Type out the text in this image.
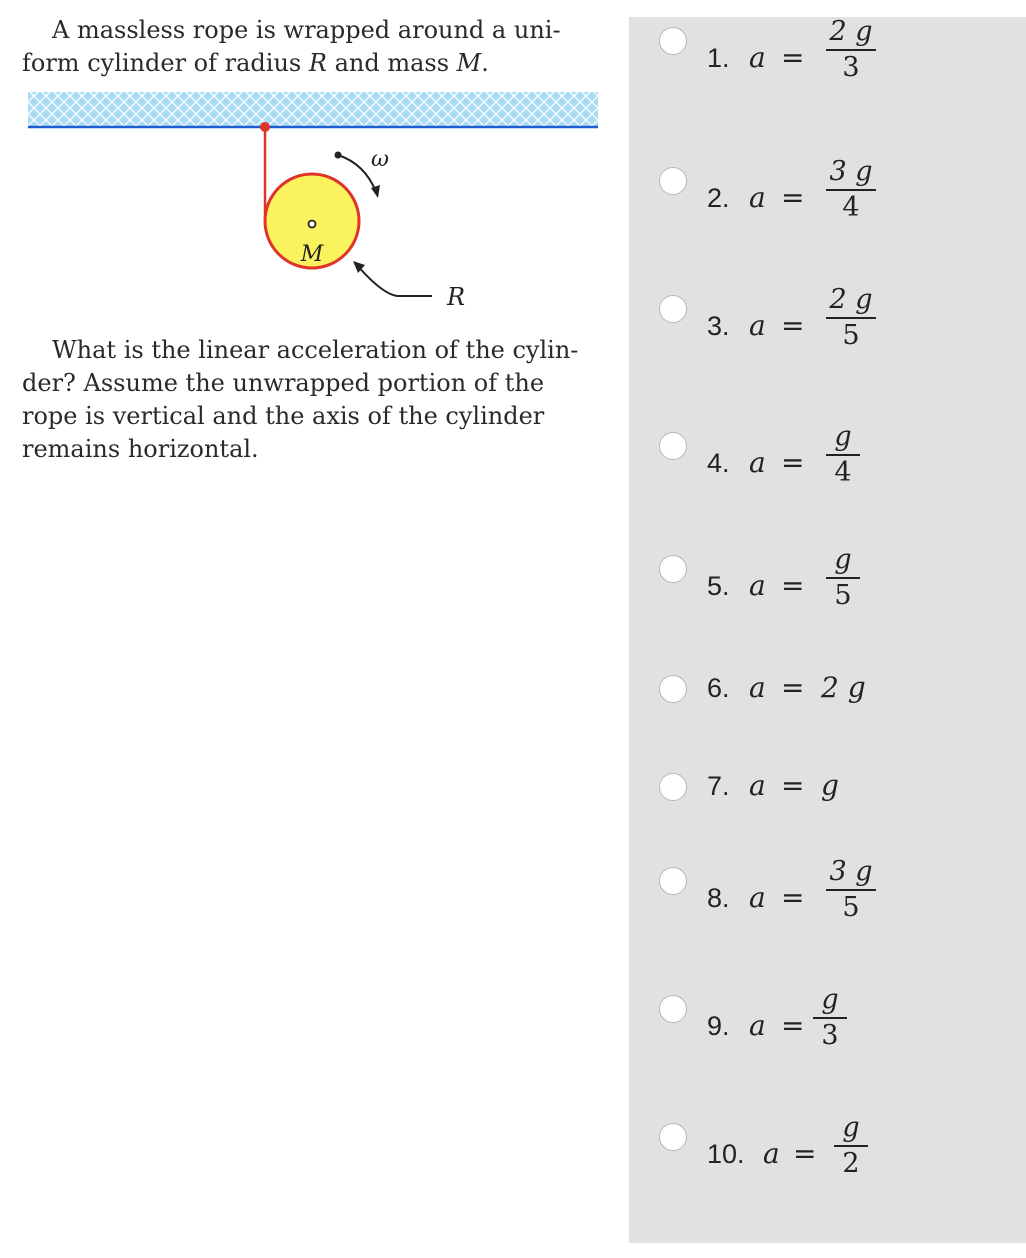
A massless rope is wrapped around a uni-

form cylinder of radius R and mass M.

M
ω
R
What is the linear acceleration of the cylin-
der? Assume the unwrapped portion of the
rope is vertical and the axis of the cylinder
remains horizontal.
1. a =
2 g
3
2. a =
3 g
4
3. a =
2 g
5
4. a =
g
4
5. a =
g
5
6. a = 2 g
7. a = g
8. a =
3 g
5
9. a =
g
3
10. a =
g
2
